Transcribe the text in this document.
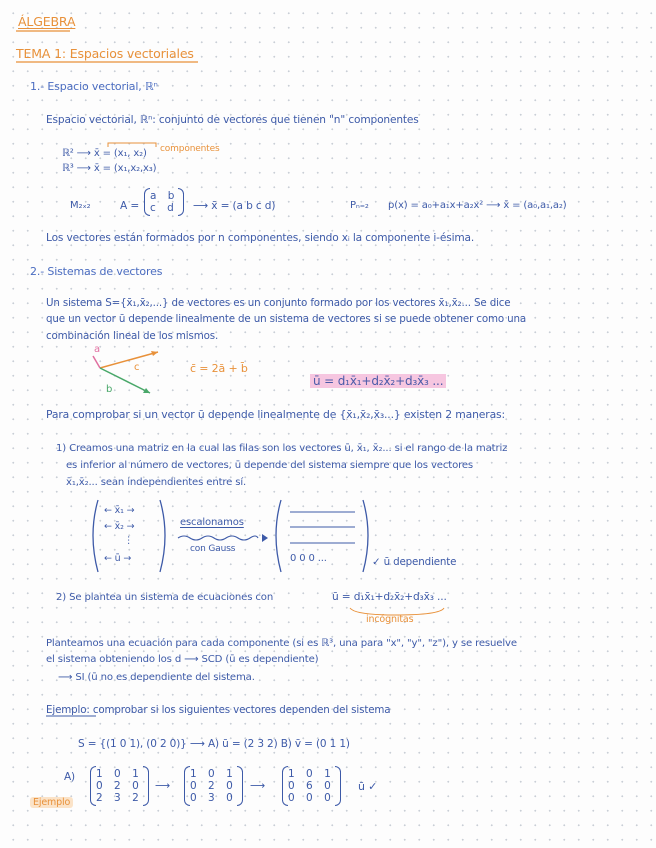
ÁLGEBRA
TEMA 1: Espacios vectoriales
1.- Espacio vectorial, ℝⁿ
Espacio vectorial, ℝⁿ: conjunto de vectores que tienen "n" componentes
ℝ² ⟶ x̄ = (x₁, x₂) componentes
ℝ³ ⟶ x̄ = (x₁,x₂,x₃)
M₂ₓ₂	A =
a b
c d ⟶ x̄ = (a b c d)	Pₙ₌₂ p(x) = a₀+a₁x+a₂x² ⟶ x̄ = (a₀,a₁,a₂)
Los vectores están formados por n componentes, siendo xᵢ la componente i-ésima.
2.- Sistemas de vectores
Un sistema S={x̄₁,x̄₂,...} de vectores es un conjunto formado por los vectores x̄₁,x̄₂... Se dice
que un vector ū depende linealmente de un sistema de vectores si se puede obtener como una
combinación lineal de los mismos.
a
b
c	c̄ = 2ā + b̄
ū = d₁x̄₁+d₂x̄₂+d₃x̄₃ ...
Para comprobar si un vector ū depende linealmente de {x̄₁,x̄₂,x̄₃...} existen 2 maneras:
1) Creamos una matriz en la cual las filas son los vectores ū, x̄₁, x̄₂... si el rango de la matriz
es inferior al número de vectores, ū depende del sistema siempre que los vectores
x̄₁,x̄₂... sean independientes entre sí.
← x̄₁ →
← x̄₂ →
⋮
← ū →
escalonamos
con Gauss
0 0 0 ...	✓ ū dependiente
2) Se plantea un sistema de ecuaciones con	ū = d₁x̄₁+d₂x̄₂+d₃x̄₃ ...
incógnitas
Planteamos una ecuación para cada componente (si es ℝ³, una para "x", "y", "z"), y se resuelve
el sistema obteniendo los d ⟶ SCD (ū es dependiente)
⟶ SI (ū no es dependiente del sistema.
Ejemplo: comprobar si los siguientes vectores dependen del sistema
S = {(1 0 1), (0 2 0)} ⟶ A) ū = (2 3 2) B) v̄ = (0 1 1)
A) 1 0 1
0 2 0
2 3 2
⟶
1 0 1
0 2 0
0 3 0
⟶
1 0 1
0 6 0
0 0 0
ū ✓
Ejemplo
